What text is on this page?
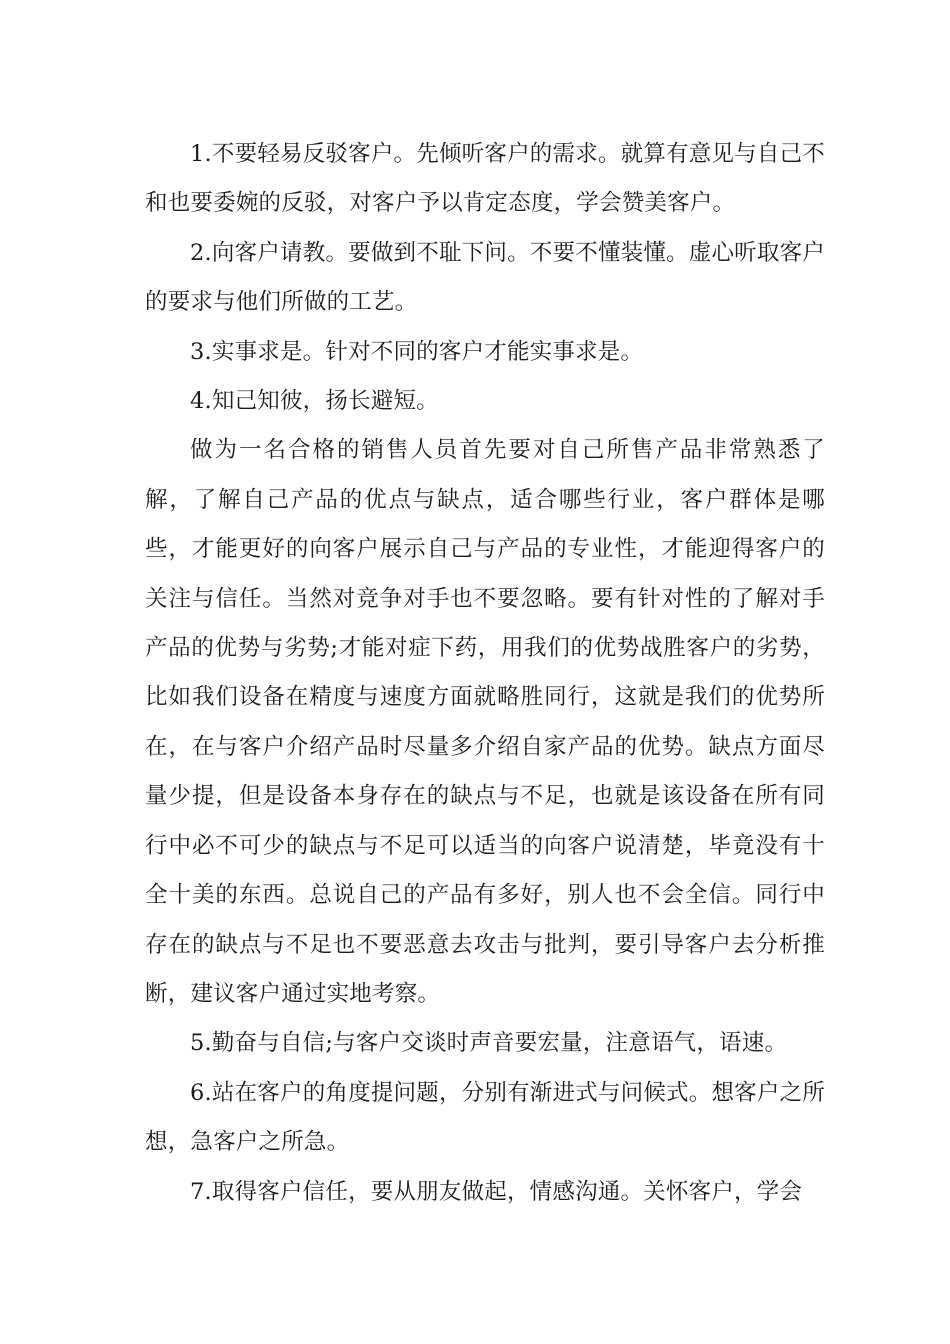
1.不要轻易反驳客户。先倾听客户的需求。就算有意见与自己不和也要委婉的反驳，对客户予以肯定态度，学会赞美客户。

2.向客户请教。要做到不耻下问。不要不懂装懂。虚心听取客户的要求与他们所做的工艺。

3.实事求是。针对不同的客户才能实事求是。

4.知己知彼，扬长避短。

做为一名合格的销售人员首先要对自己所售产品非常熟悉了解，了解自己产品的优点与缺点，适合哪些行业，客户群体是哪些，才能更好的向客户展示自己与产品的专业性，才能迎得客户的关注与信任。当然对竞争对手也不要忽略。要有针对性的了解对手产品的优势与劣势;才能对症下药，用我们的优势战胜客户的劣势，比如我们设备在精度与速度方面就略胜同行，这就是我们的优势所在，在与客户介绍产品时尽量多介绍自家产品的优势。缺点方面尽量少提，但是设备本身存在的缺点与不足，也就是该设备在所有同行中必不可少的缺点与不足可以适当的向客户说清楚，毕竟没有十全十美的东西。总说自己的产品有多好，别人也不会全信。同行中存在的缺点与不足也不要恶意去攻击与批判，要引导客户去分析推断，建议客户通过实地考察。

5.勤奋与自信;与客户交谈时声音要宏量，注意语气，语速。

6.站在客户的角度提问题，分别有渐进式与问候式。想客户之所想，急客户之所急。

7.取得客户信任，要从朋友做起，情感沟通。关怀客户，学会
